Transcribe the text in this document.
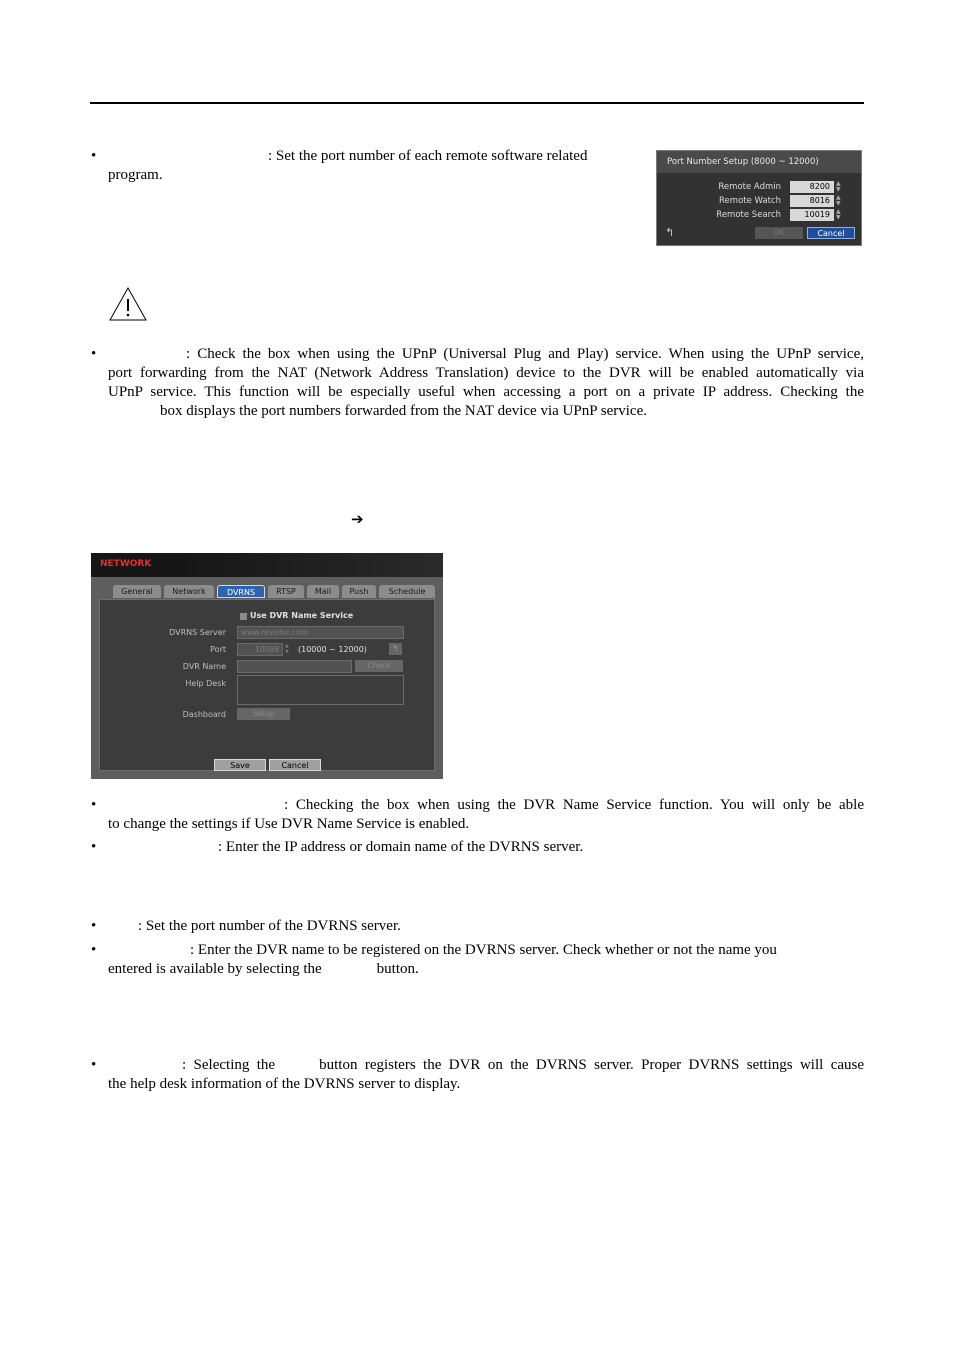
•	: Set the port number of each remote software related
program.
Port Number Setup (8000 ~ 12000)
Remote Admin	8200	▲
▼
Remote Watch	8016	▲
▼
Remote Search	10019	▲
▼
↰	OK	Cancel
•	: Check the box when using the UPnP (Universal Plug and Play) service. When using the UPnP service,
port forwarding from the NAT (Network Address Translation) device to the DVR will be enabled automatically via
UPnP service. This function will be especially useful when accessing a port on a private IP address. Checking the
box displays the port numbers forwarded from the NAT device via UPnP service.
➔
NETWORK
General	Network	DVRNS	RTSP	Mail	Push	Schedule
Use DVR Name Service
DVRNS Server	www.revodvr.com
Port	10088	▲
▼ (10000 ~ 12000)	↰
DVR Name	Check
Help Desk
Dashboard	Setup
Save	Cancel
•	: Checking the box when using the DVR Name Service function. You will only be able
to change the settings if Use DVR Name Service is enabled.
•	: Enter the IP address or domain name of the DVRNS server.
•	: Set the port number of the DVRNS server.
•	: Enter the DVR name to be registered on the DVRNS server. Check whether or not the name you
entered is available by selecting the	button.
•	: Selecting the	button registers the DVR on the DVRNS server. Proper DVRNS settings will cause
the help desk information of the DVRNS server to display.
